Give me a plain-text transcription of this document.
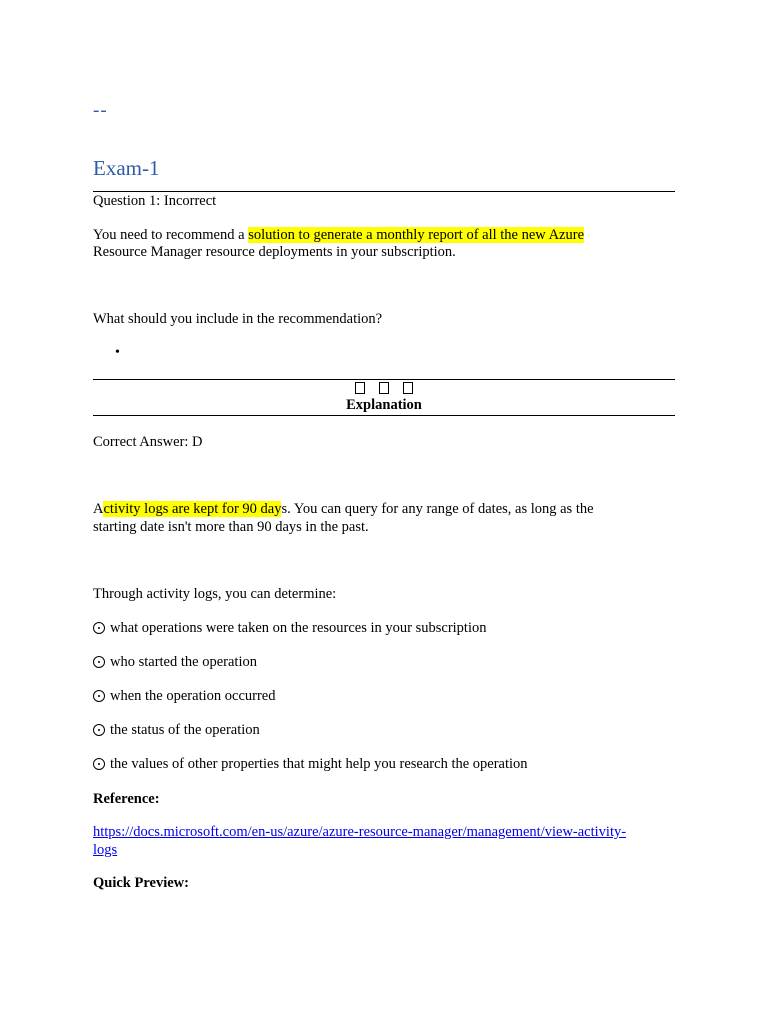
--
Exam-1
Question 1: Incorrect
You need to recommend a solution to generate a monthly report of all the new Azure
Resource Manager resource deployments in your subscription.
What should you include in the recommendation?
•
Explanation
Correct Answer: D
Activity logs are kept for 90 days. You can query for any range of dates, as long as the
starting date isn't more than 90 days in the past.
Through activity logs, you can determine:
what operations were taken on the resources in your subscription
who started the operation
when the operation occurred
the status of the operation
the values of other properties that might help you research the operation
Reference:
https://docs.microsoft.com/en-us/azure/azure-resource-manager/management/view-activity-
logs
Quick Preview:
